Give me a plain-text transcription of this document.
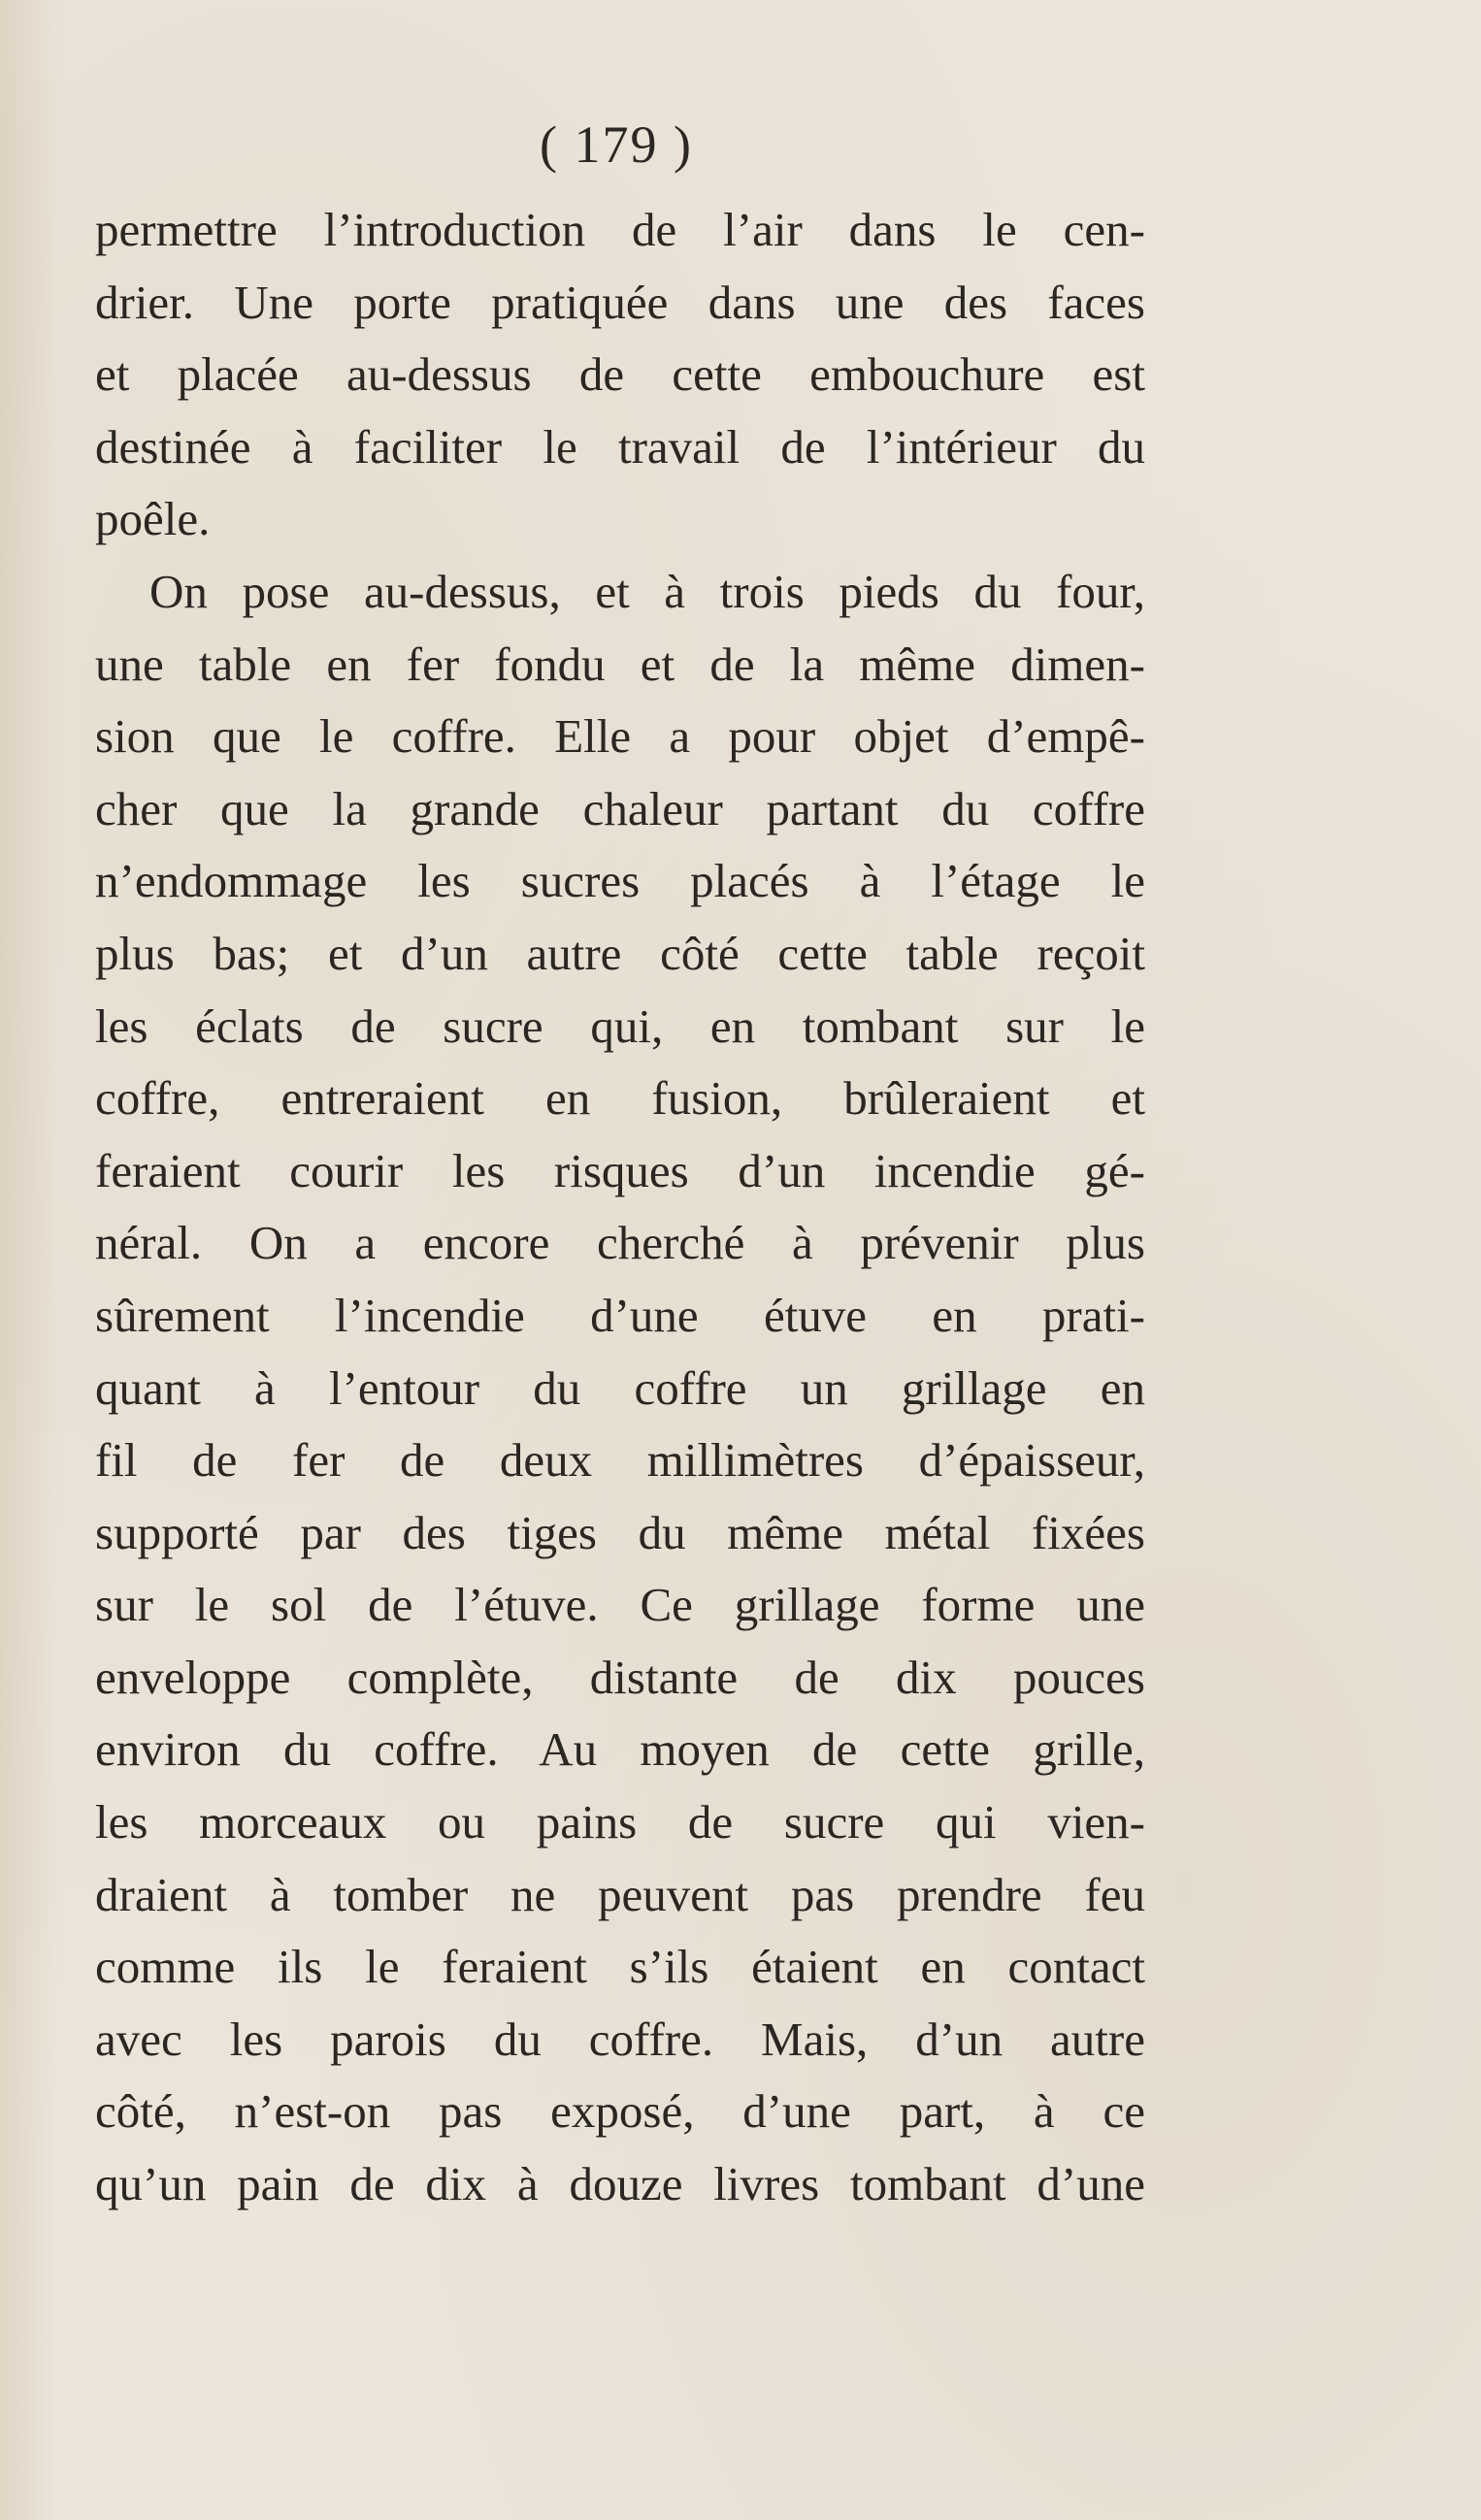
( 179 )
permettre l’introduction de l’air dans le cen-
drier. Une porte pratiquée dans une des faces
et placée au-dessus de cette embouchure est
destinée à faciliter le travail de l’intérieur du
poêle.
On pose au-dessus, et à trois pieds du four,
une table en fer fondu et de la même dimen-
sion que le coffre. Elle a pour objet d’empê-
cher que la grande chaleur partant du coffre
n’endommage les sucres placés à l’étage le
plus bas; et d’un autre côté cette table reçoit
les éclats de sucre qui, en tombant sur le
coffre, entreraient en fusion, brûleraient et
feraient courir les risques d’un incendie gé-
néral. On a encore cherché à prévenir plus
sûrement l’incendie d’une étuve en prati-
quant à l’entour du coffre un grillage en
fil de fer de deux millimètres d’épaisseur,
supporté par des tiges du même métal fixées
sur le sol de l’étuve. Ce grillage forme une
enveloppe complète, distante de dix pouces
environ du coffre. Au moyen de cette grille,
les morceaux ou pains de sucre qui vien-
draient à tomber ne peuvent pas prendre feu
comme ils le feraient s’ils étaient en contact
avec les parois du coffre. Mais, d’un autre
côté, n’est-on pas exposé, d’une part, à ce
qu’un pain de dix à douze livres tombant d’une
